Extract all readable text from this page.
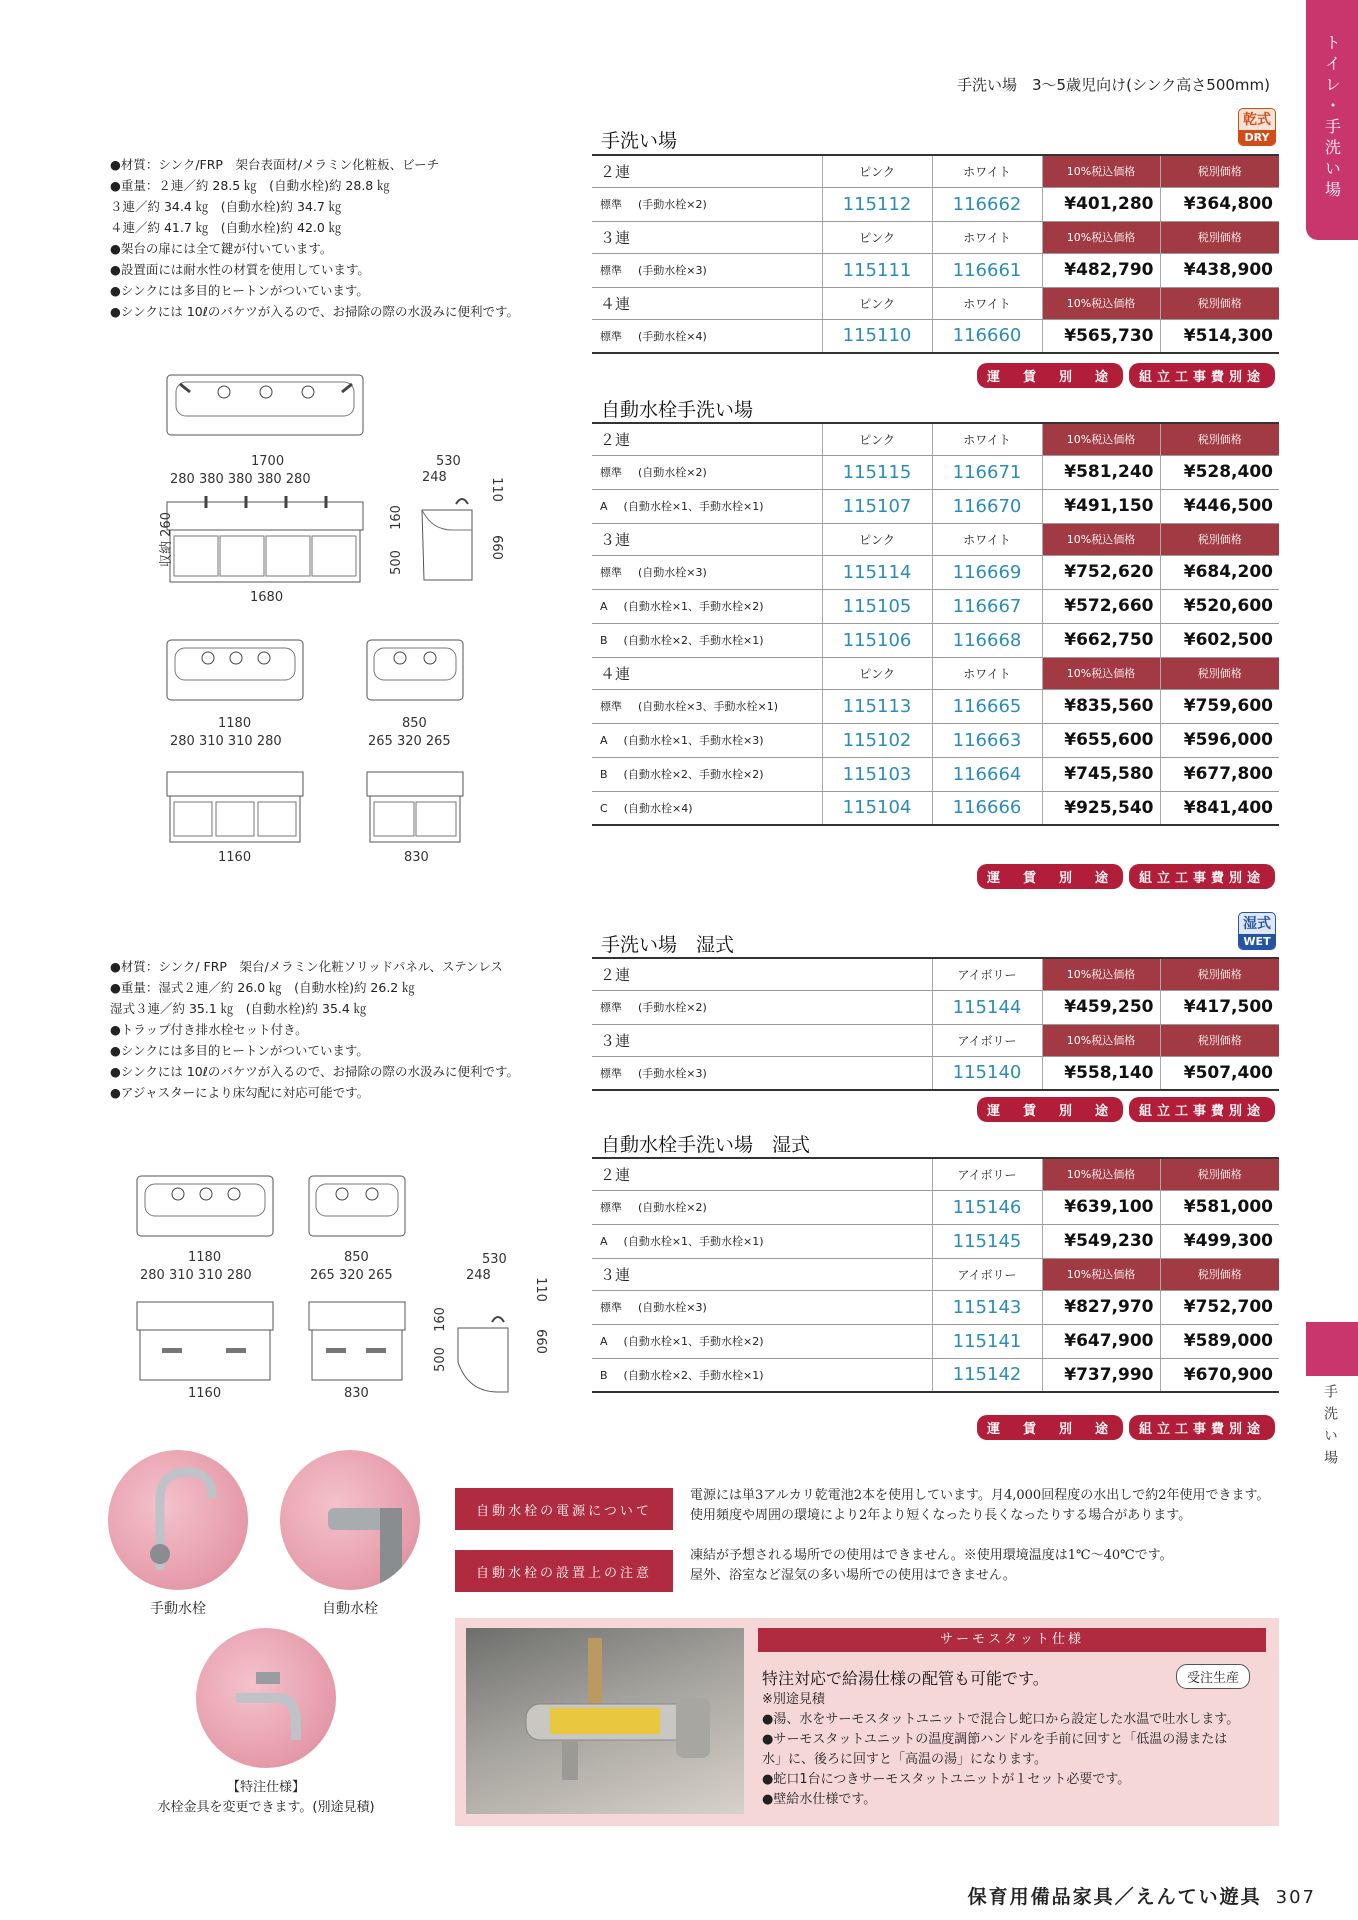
トイレ・手洗い場
手洗い場
手洗い場　3〜5歳児向け(シンク高さ500mm)
乾式
DRY
湿式
WET
●材質：シンク/FRP　架台表面材/メラミン化粧板、ビーチ
●重量：２連／約 28.5 ㎏　(自動水栓)約 28.8 ㎏
３連／約 34.4 ㎏　(自動水栓)約 34.7 ㎏
４連／約 41.7 ㎏　(自動水栓)約 42.0 ㎏
●架台の扉には全て鍵が付いています。
●設置面には耐水性の材質を使用しています。
●シンクには多目的ヒートンがついています。
●シンクには 10ℓのバケツが入るので、お掃除の際の水汲みに便利です。
●材質：シンク/ FRP　架台/メラミン化粧ソリッドパネル、ステンレス
●重量：湿式２連／約 26.0 ㎏　(自動水栓)約 26.2 ㎏
湿式３連／約 35.1 ㎏　(自動水栓)約 35.4 ㎏
●トラップ付き排水栓セット付き。
●シンクには多目的ヒートンがついています。
●シンクには 10ℓのバケツが入るので、お掃除の際の水汲みに便利です。
●アジャスターにより床勾配に対応可能です。
1700
280 380 380 380 280
1680
収納 260
530
248	110
160
500
660
1180
280 310 310 280
850
265 320 265
1160	830
1180
280 310 310 280
850
265 320 265
1160	830
530
248
110
160
500
660
手洗い場
２連	ピンク	ホワイト	10%税込価格	税別価格
標準 (手動水栓×2)	115112	116662	¥401,280	¥364,800
３連	ピンク	ホワイト	10%税込価格	税別価格
標準 (手動水栓×3)	115111	116661	¥482,790	¥438,900
４連	ピンク	ホワイト	10%税込価格	税別価格
標準 (手動水栓×4)	115110	116660	¥565,730	¥514,300
運　賃　別　途	組立工事費別途
自動水栓手洗い場
２連	ピンク	ホワイト	10%税込価格	税別価格
標準 (自動水栓×2)	115115	116671	¥581,240	¥528,400
A (自動水栓×1、手動水栓×1)	115107	116670	¥491,150	¥446,500
３連	ピンク	ホワイト	10%税込価格	税別価格
標準 (自動水栓×3)	115114	116669	¥752,620	¥684,200
A (自動水栓×1、手動水栓×2)	115105	116667	¥572,660	¥520,600
B (自動水栓×2、手動水栓×1)	115106	116668	¥662,750	¥602,500
４連	ピンク	ホワイト	10%税込価格	税別価格
標準 (自動水栓×3、手動水栓×1)	115113	116665	¥835,560	¥759,600
A (自動水栓×1、手動水栓×3)	115102	116663	¥655,600	¥596,000
B (自動水栓×2、手動水栓×2)	115103	116664	¥745,580	¥677,800
C (自動水栓×4)	115104	116666	¥925,540	¥841,400
運　賃　別　途	組立工事費別途
手洗い場　湿式
２連		アイボリー	10%税込価格	税別価格
標準 (手動水栓×2)		115144	¥459,250	¥417,500
３連		アイボリー	10%税込価格	税別価格
標準 (手動水栓×3)		115140	¥558,140	¥507,400
運　賃　別　途	組立工事費別途
自動水栓手洗い場　湿式
２連		アイボリー	10%税込価格	税別価格
標準 (自動水栓×2)		115146	¥639,100	¥581,000
A (自動水栓×1、手動水栓×1)		115145	¥549,230	¥499,300
３連		アイボリー	10%税込価格	税別価格
標準 (自動水栓×3)		115143	¥827,970	¥752,700
A (自動水栓×1、手動水栓×2)		115141	¥647,900	¥589,000
B (自動水栓×2、手動水栓×1)		115142	¥737,990	¥670,900
運　賃　別　途	組立工事費別途
手動水栓	自動水栓
【特注仕様】
水栓金具を変更できます。(別途見積)
自動水栓の電源について
電源には単3アルカリ乾電池2本を使用しています。月4,000回程度の水出しで約2年使用できます。
使用頻度や周囲の環境により2年より短くなったり長くなったりする場合があります。
自動水栓の設置上の注意
凍結が予想される場所での使用はできません。※使用環境温度は1℃〜40℃です。
屋外、浴室など湿気の多い場所での使用はできません。
サーモスタット仕様
特注対応で給湯仕様の配管も可能です。	受注生産
※別途見積
●湯、水をサーモスタットユニットで混合し蛇口から設定した水温で吐水します。
●サーモスタットユニットの温度調節ハンドルを手前に回すと「低温の湯または
水」に、後ろに回すと「高温の湯」になります。
●蛇口1台につきサーモスタットユニットが１セット必要です。
●壁給水仕様です。
保育用備品家具／えんてい遊具 307
